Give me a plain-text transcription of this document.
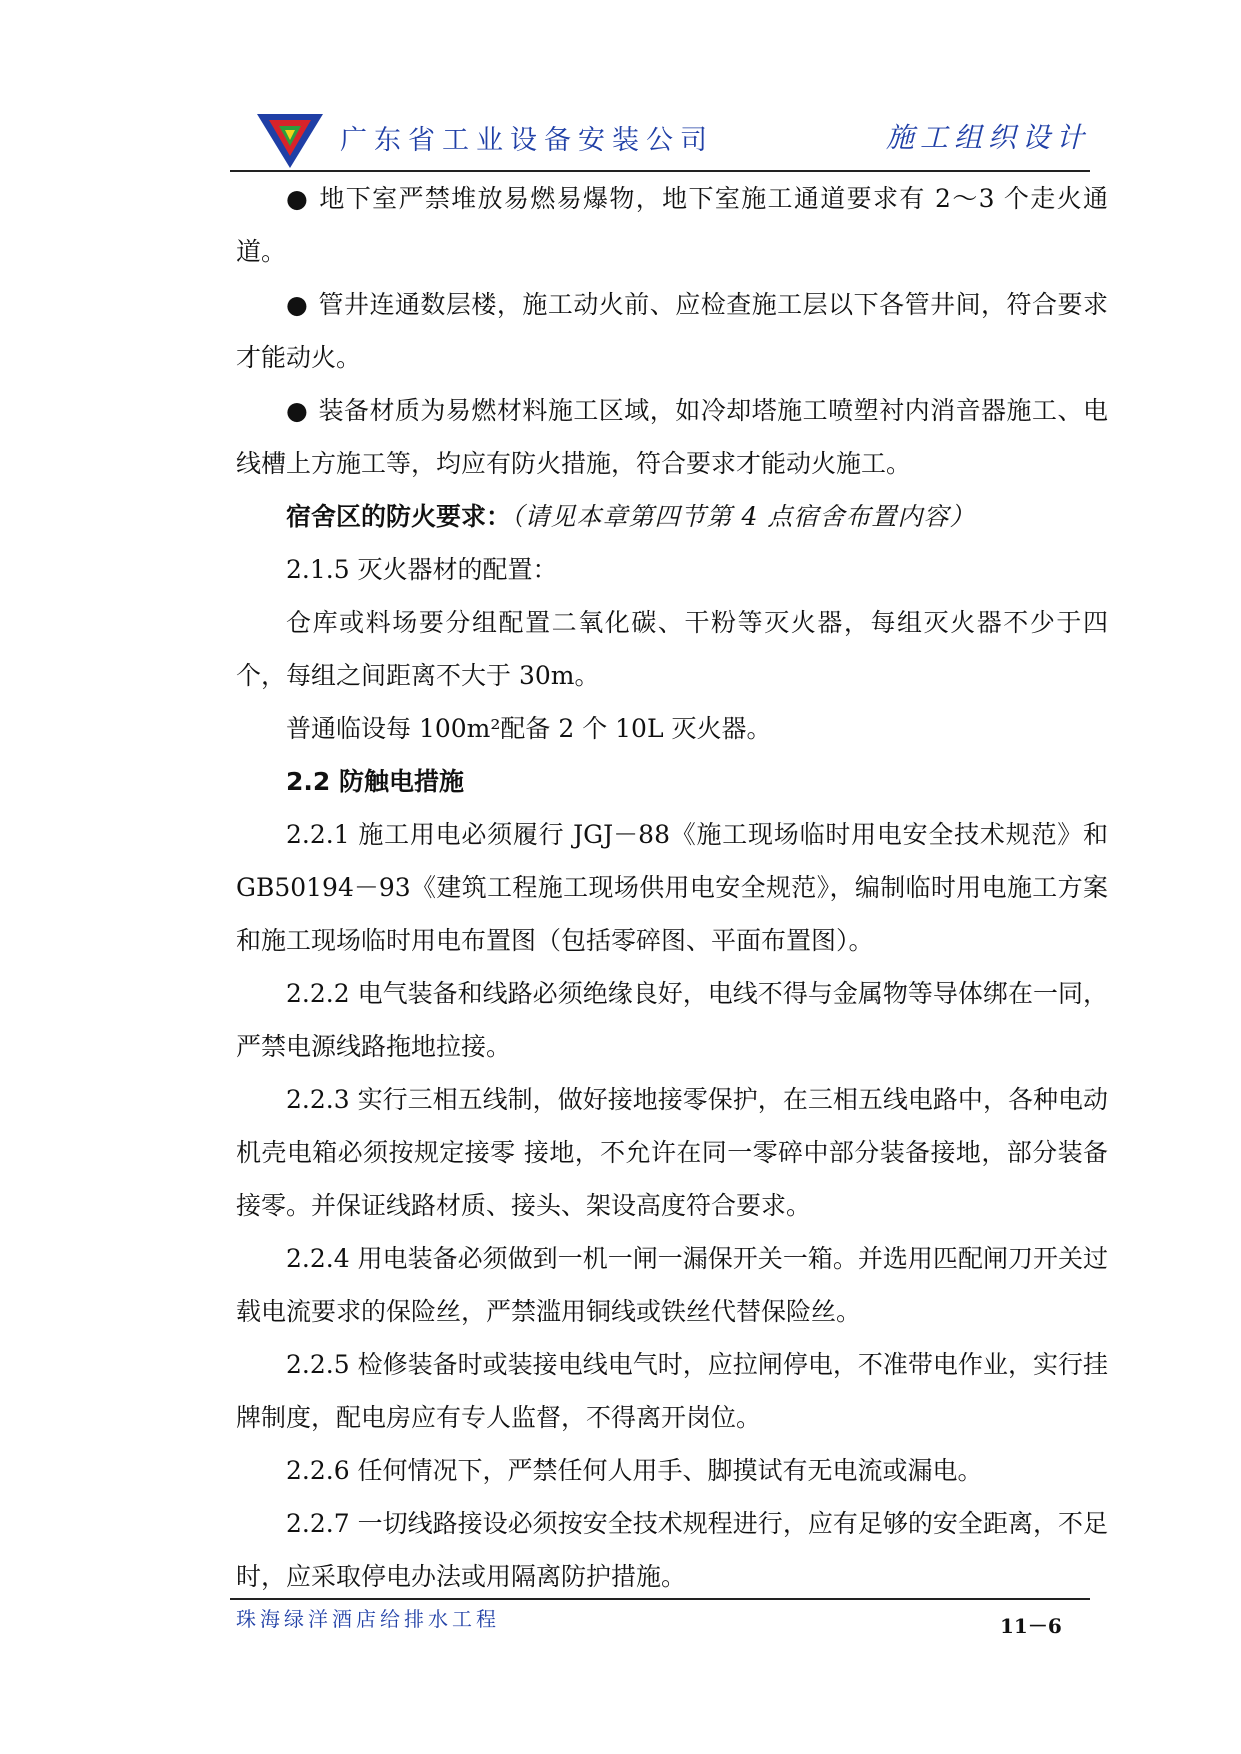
广东省工业设备安装公司	施工组织设计

● 地下室严禁堆放易燃易爆物，地下室施工通道要求有 2～3 个走火通道。

● 管井连通数层楼，施工动火前、应检查施工层以下各管井间，符合要求才能动火。

● 装备材质为易燃材料施工区域，如冷却塔施工喷塑衬内消音器施工、电线槽上方施工等，均应有防火措施，符合要求才能动火施工。

宿舍区的防火要求：（请见本章第四节第 4 点宿舍布置内容）

2.1.5 灭火器材的配置：

仓库或料场要分组配置二氧化碳、干粉等灭火器，每组灭火器不少于四个，每组之间距离不大于 30m。

普通临设每 100m²配备 2 个 10L 灭火器。

2.2 防触电措施

2.2.1 施工用电必须履行 JGJ－88《施工现场临时用电安全技术规范》和 GB50194－93《建筑工程施工现场供用电安全规范》，编制临时用电施工方案和施工现场临时用电布置图（包括零碎图、平面布置图）。

2.2.2 电气装备和线路必须绝缘良好，电线不得与金属物等导体绑在一同，严禁电源线路拖地拉接。

2.2.3 实行三相五线制，做好接地接零保护，在三相五线电路中，各种电动机壳电箱必须按规定接零 接地，不允许在同一零碎中部分装备接地，部分装备接零。并保证线路材质、接头、架设高度符合要求。

2.2.4 用电装备必须做到一机一闸一漏保开关一箱。并选用匹配闸刀开关过载电流要求的保险丝，严禁滥用铜线或铁丝代替保险丝。

2.2.5 检修装备时或装接电线电气时，应拉闸停电，不准带电作业，实行挂牌制度，配电房应有专人监督，不得离开岗位。

2.2.6 任何情况下，严禁任何人用手、脚摸试有无电流或漏电。

2.2.7 一切线路接设必须按安全技术规程进行，应有足够的安全距离，不足时，应采取停电办法或用隔离防护措施。

珠海绿洋酒店给排水工程	11－6
